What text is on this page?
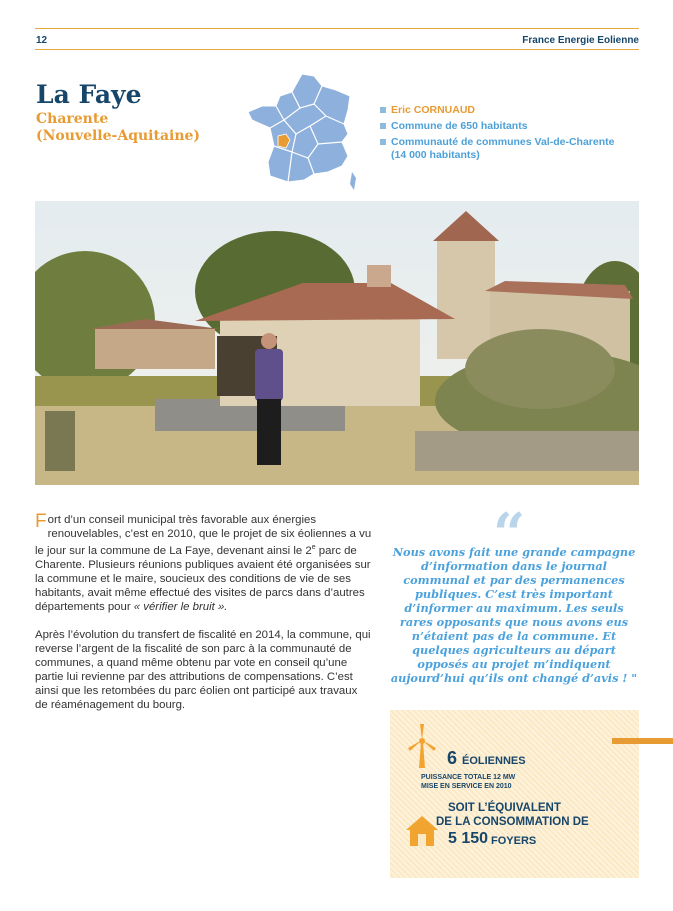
12	France Energie Eolienne
La Faye
Charente
(Nouvelle-Aquitaine)
Eric CORNUAUD
Commune de 650 habitants
Communauté de communes Val-de-Charente
(14 000 habitants)

Fort d’un conseil municipal très favorable aux énergies renouvelables, c’est en 2010, que le projet de six éoliennes a vu le jour sur la commune de La Faye, devenant ainsi le 2e parc de Charente. Plusieurs réunions publiques avaient été organisées sur la commune et le maire, soucieux des conditions de vie de ses habitants, avait même effectué des visites de parcs dans d’autres départements pour « vérifier le bruit ».

Après l’évolution du transfert de fiscalité en 2014, la commune, qui reverse l’argent de la fiscalité de son parc à la communauté de communes, a quand même obtenu par vote en conseil qu’une partie lui revienne par des attributions de compensations. C’est ainsi que les retombées du parc éolien ont participé aux travaux de réaménagement du bourg.

“
Nous avons fait une grande campagne d’information dans le journal communal et par des permanences publiques. C’est très important d’informer au maximum. Les seuls rares opposants que nous avons eus n’étaient pas de la commune. Et quelques agriculteurs au départ opposés au projet m’indiquent aujourd’hui qu’ils ont changé d’avis ! "
6 ÉOLIENNES
PUISSANCE TOTALE 12 MW
MISE EN SERVICE EN 2010
SOIT L’ÉQUIVALENT
DE LA CONSOMMATION DE
5 150 FOYERS
